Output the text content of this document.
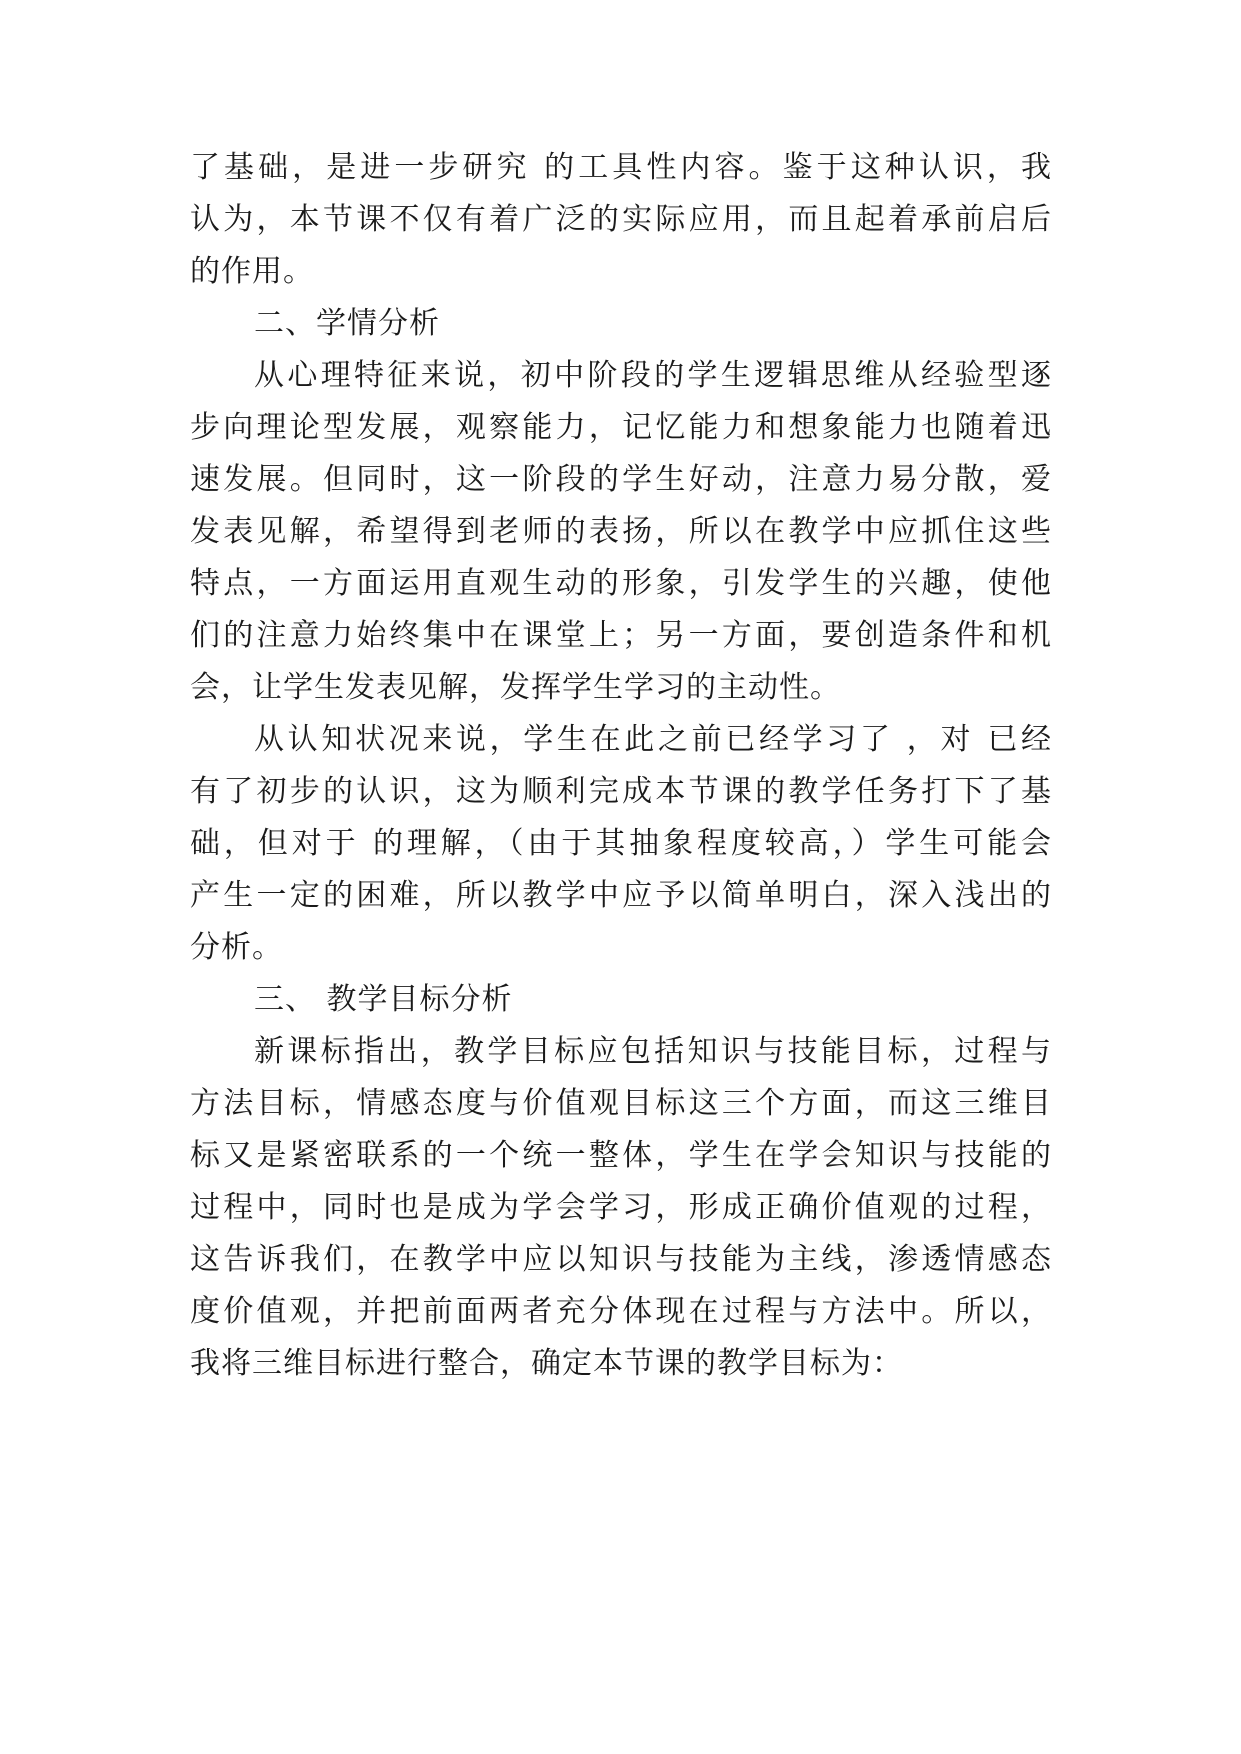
了基础，是进一步研究 的工具性内容。鉴于这种认识，我
认为，本节课不仅有着广泛的实际应用，而且起着承前启后
的作用。
二、学情分析
从心理特征来说，初中阶段的学生逻辑思维从经验型逐
步向理论型发展，观察能力，记忆能力和想象能力也随着迅
速发展。但同时，这一阶段的学生好动，注意力易分散，爱
发表见解，希望得到老师的表扬，所以在教学中应抓住这些
特点，一方面运用直观生动的形象，引发学生的兴趣，使他
们的注意力始终集中在课堂上；另一方面，要创造条件和机
会，让学生发表见解，发挥学生学习的主动性。
从认知状况来说，学生在此之前已经学习了 ，对 已经
有了初步的认识，这为顺利完成本节课的教学任务打下了基
础，但对于 的理解，（由于其抽象程度较高，）学生可能会
产生一定的困难，所以教学中应予以简单明白，深入浅出的
分析。
三、 教学目标分析
新课标指出，教学目标应包括知识与技能目标，过程与
方法目标，情感态度与价值观目标这三个方面，而这三维目
标又是紧密联系的一个统一整体，学生在学会知识与技能的
过程中，同时也是成为学会学习，形成正确价值观的过程，
这告诉我们，在教学中应以知识与技能为主线，渗透情感态
度价值观，并把前面两者充分体现在过程与方法中。所以，
我将三维目标进行整合，确定本节课的教学目标为：
